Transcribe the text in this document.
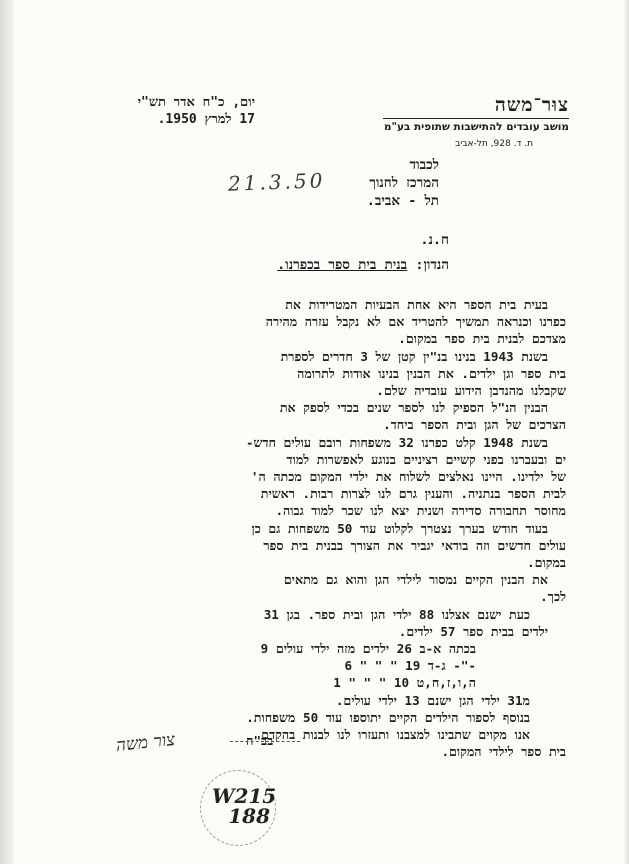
צוּר־משה
מושב עובדים להתישבות שתופית בע"מ
ת. ד. 928, תל-אביב
יום, כ"ח אדר תש"י
17 למרץ 1950.
לכבוד
המרכז לחנוך
תל - אביב.
21.3.50
ח.נ.
הנדון: בנית בית ספר בכפרנו.

בעית בית הספר היא אחת הבעיות המטרידות את

כפרנו וכנראה תמשיך להטריד אם לא נקבל עזרה מהירה

מצדכם לבנית בית ספר במקום.

בשנת 1943 בנינו בנ"ין קטן של 3 חדרים לספרת

בית ספר וגן ילדים. את הבנין בנינו אודות לתרומה

שקבלנו מהנדבן הידוע עובדיה שלם.

הבנין הנ"ל הספיק לנו לספר שנים בכדי לספק את

הצרכים של הגן ובית הספר ביחד.

בשנת 1948 קלט כפרנו 32 משפחות רובם עולים חדש-

ים ובעברנו בפני קשיים רציניים בנוגע לאפשרות למוד

של ילדינו. היינו נאלצים לשלוח את ילדי המקום מכתה ה'

לבית הספר בנתניה. והענין גרם לנו לצרות רבות. ראשית

מחוסר תחבורה סדירה ושנית יצא לנו שכר למוד גבוה.

בעוד חודש בערך נצטרך לקלוט עוד 50 משפחות גם כן

עולים חדשים וזה בודאי יגביר את הצורך בבנית בית ספר

במקום.

את הבנין הקיים נמסור לילדי הגן והוא גם מתאים

לכך.

כעת ישנם אצלנו 88 ילדי הגן ובית ספר. בגן 31

ילדים בבית ספר 57 ילדים.

בכתה א-ב 26 ילדים מזה ילדי עולים 9

-"- ג-ד 19 " " " 6

ה,ו,ז,ח,ט 10 " " " 1

מ31 ילדי הגן ישנם 13 ילדי עולים.

בנוסף לספור הילדים הקיים יתוספו עוד 50 משפחות.

אנו מקוים שתבינו למצבנו ותעזרו לנו לבנות בהקדם

בית ספר לילדי המקום.

בב"ח
צור משה
W215
188
